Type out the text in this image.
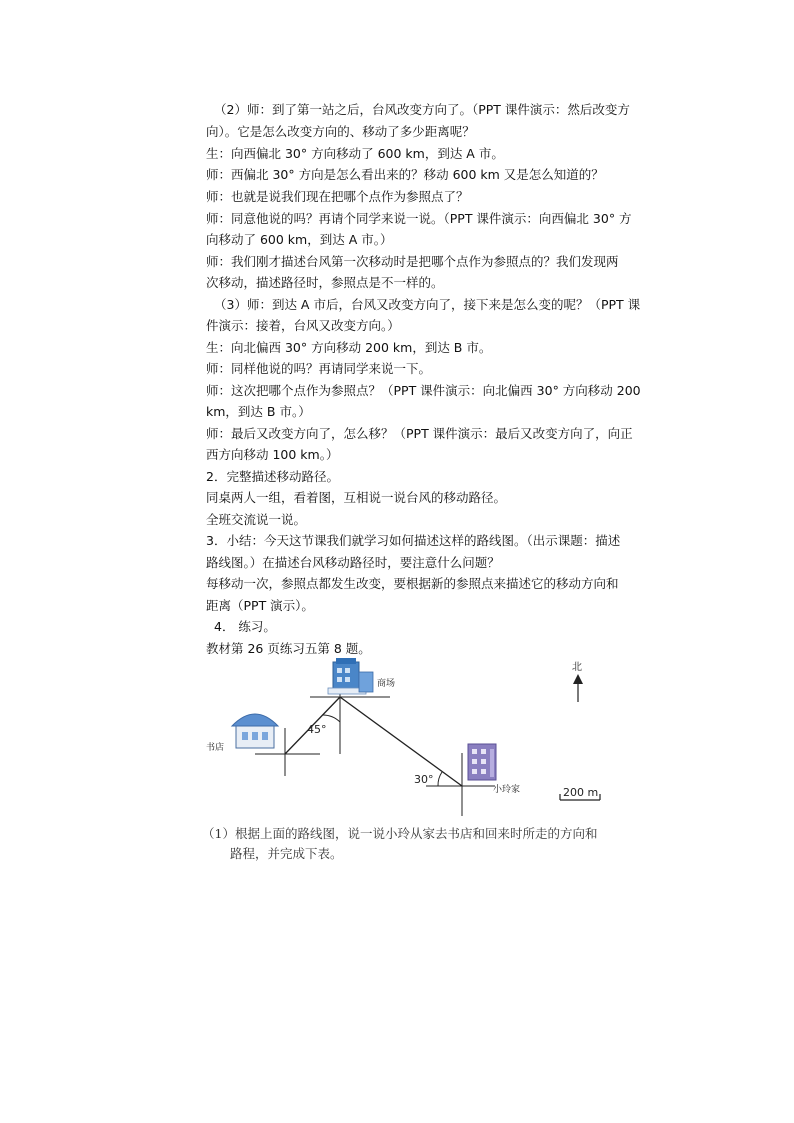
（2）师：到了第一站之后，台风改变方向了。（PPT 课件演示：然后改变方
向）。它是怎么改变方向的、移动了多少距离呢？
生：向西偏北 30° 方向移动了 600 km，到达 A 市。
师：西偏北 30° 方向是怎么看出来的？移动 600 km 又是怎么知道的？
师：也就是说我们现在把哪个点作为参照点了？
师：同意他说的吗？再请个同学来说一说。（PPT 课件演示：向西偏北 30° 方
向移动了 600 km，到达 A 市。）
师：我们刚才描述台风第一次移动时是把哪个点作为参照点的？我们发现两
次移动，描述路径时，参照点是不一样的。
（3）师：到达 A 市后，台风又改变方向了，接下来是怎么变的呢？（PPT 课
件演示：接着，台风又改变方向。）
生：向北偏西 30° 方向移动 200 km，到达 B 市。
师：同样他说的吗？再请同学来说一下。
师：这次把哪个点作为参照点？（PPT 课件演示：向北偏西 30° 方向移动 200
km，到达 B 市。）
师：最后又改变方向了，怎么移？（PPT 课件演示：最后又改变方向了，向正
西方向移动 100 km。）
2．完整描述移动路径。
同桌两人一组，看着图，互相说一说台风的移动路径。
全班交流说一说。
3．小结：今天这节课我们就学习如何描述这样的路线图。（出示课题：描述
路线图。）在描述台风移动路径时，要注意什么问题？
每移动一次，参照点都发生改变，要根据新的参照点来描述它的移动方向和
距离（PPT 演示）。
4． 练习。
教材第 26 页练习五第 8 题。
商场
书店
小玲家
45°
30°
北
200 m
（1）根据上面的路线图，说一说小玲从家去书店和回来时所走的方向和
路程，并完成下表。
